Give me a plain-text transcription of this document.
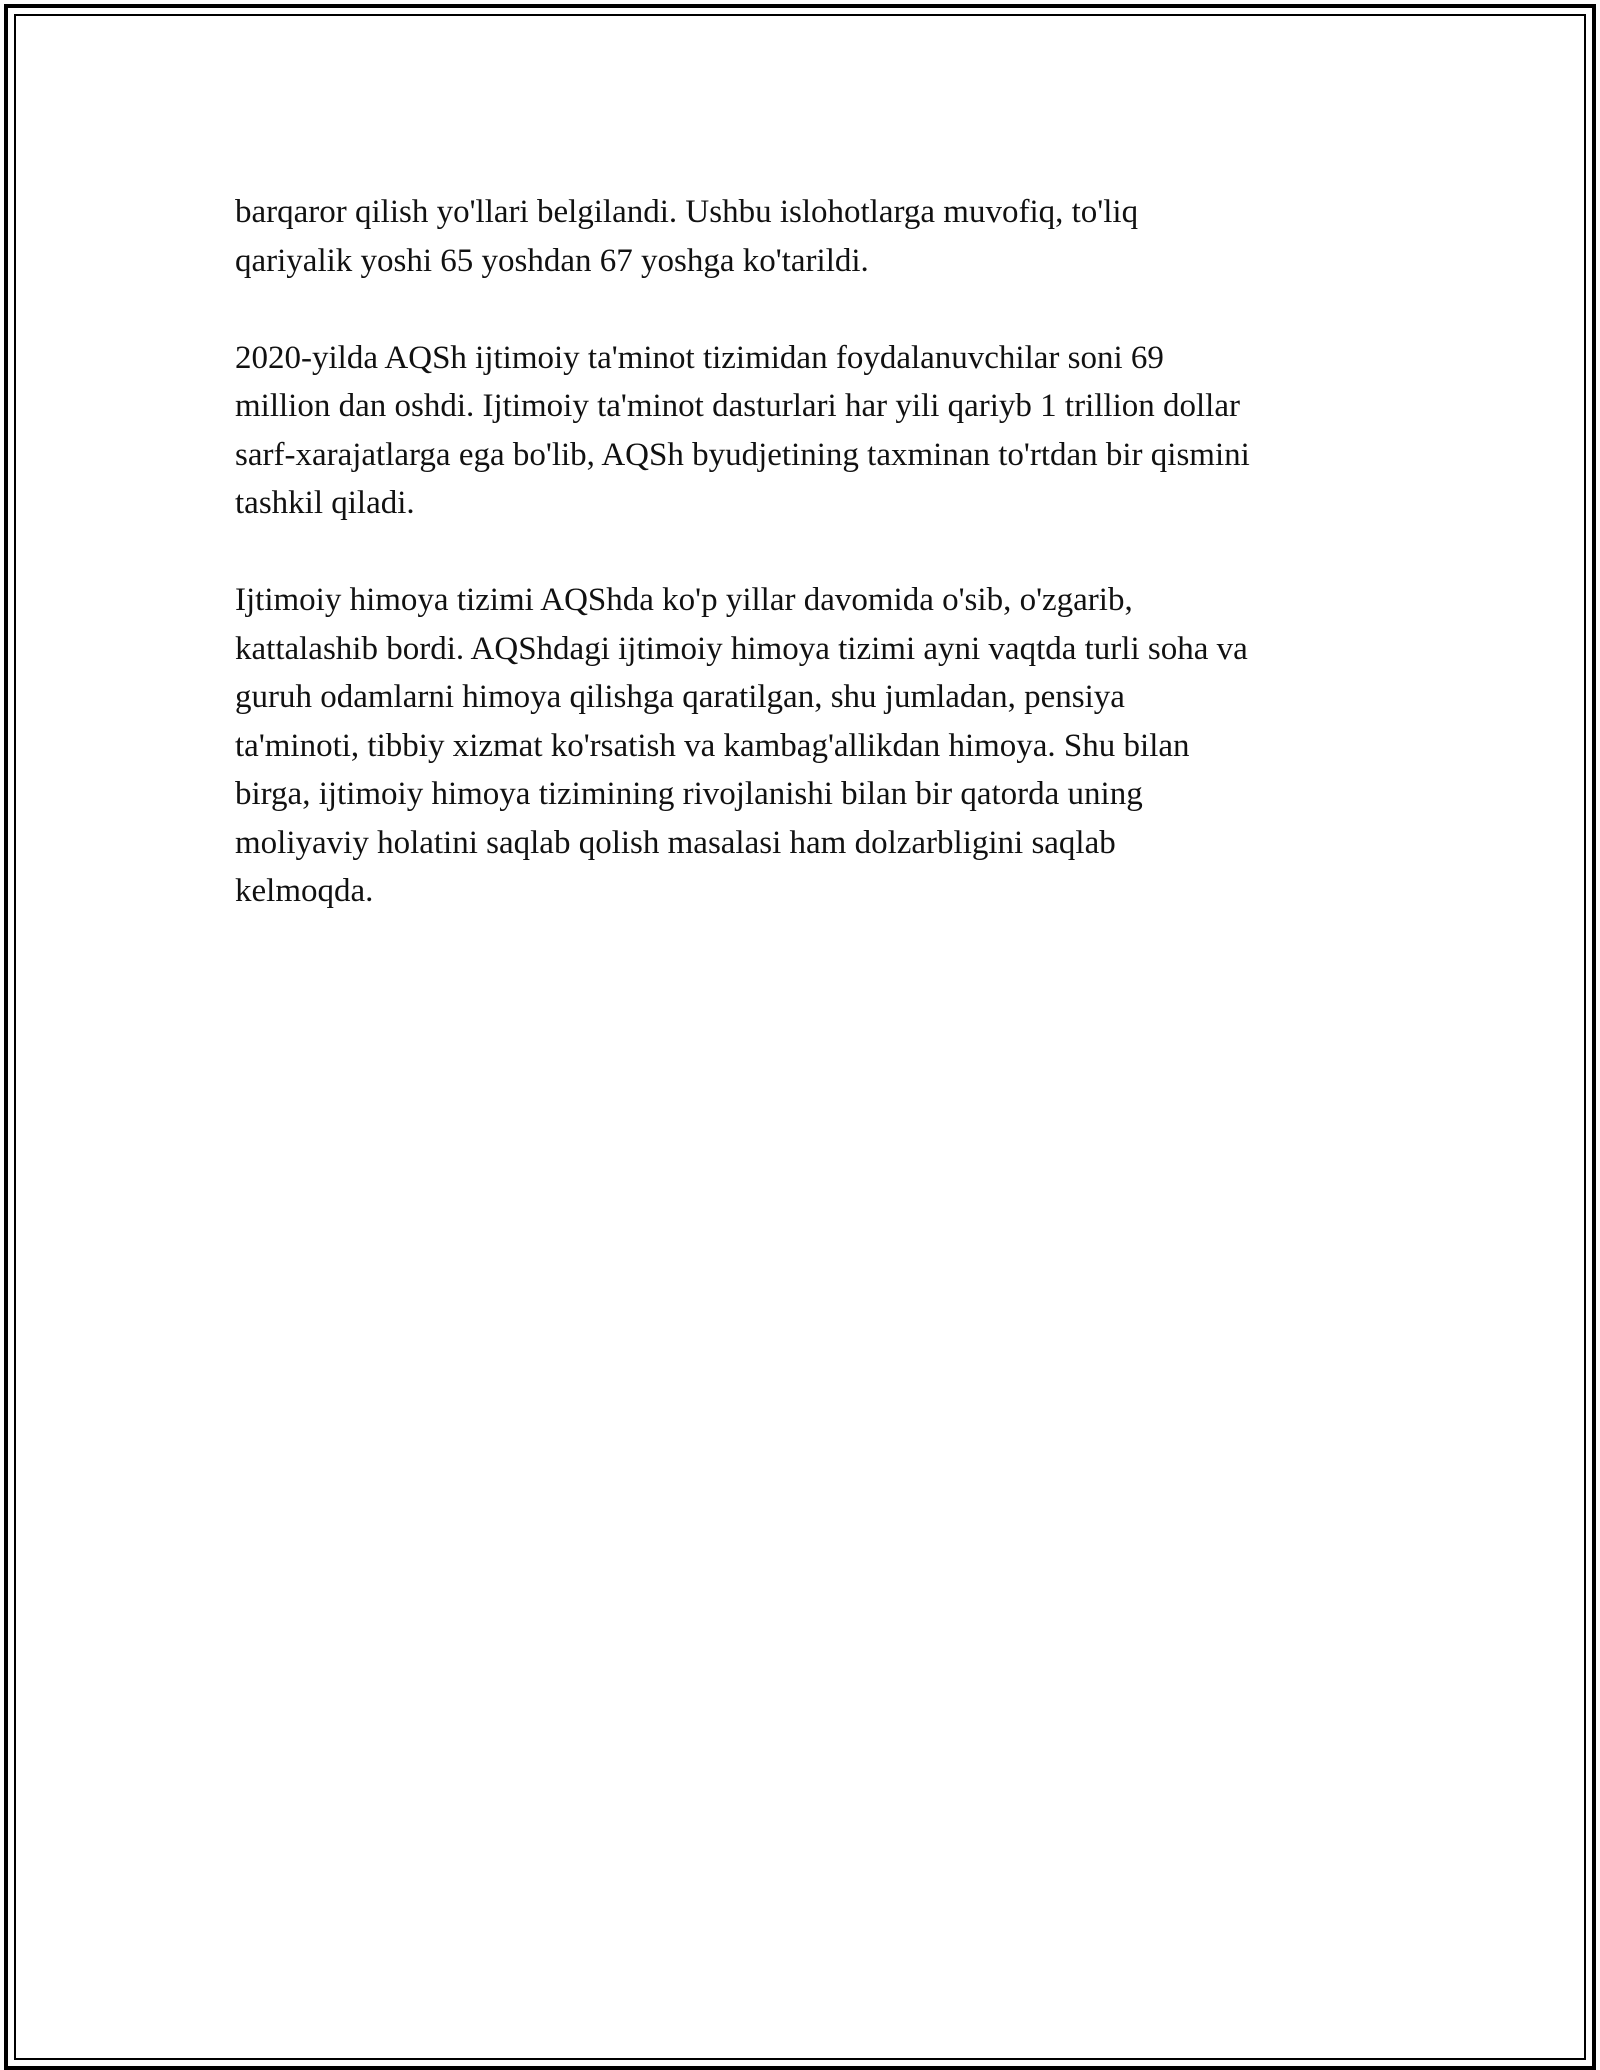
barqaror qilish yo'llari belgilandi. Ushbu islohotlarga muvofiq, to'liq
qariyalik yoshi 65 yoshdan 67 yoshga ko'tarildi.

2020-yilda AQSh ijtimoiy ta'minot tizimidan foydalanuvchilar soni 69
million dan oshdi. Ijtimoiy ta'minot dasturlari har yili qariyb 1 trillion dollar
sarf-xarajatlarga ega bo'lib, AQSh byudjetining taxminan to'rtdan bir qismini
tashkil qiladi.

Ijtimoiy himoya tizimi AQShda ko'p yillar davomida o'sib, o'zgarib,
kattalashib bordi. AQShdagi ijtimoiy himoya tizimi ayni vaqtda turli soha va
guruh odamlarni himoya qilishga qaratilgan, shu jumladan, pensiya
ta'minoti, tibbiy xizmat ko'rsatish va kambag'allikdan himoya. Shu bilan
birga, ijtimoiy himoya tizimining rivojlanishi bilan bir qatorda uning
moliyaviy holatini saqlab qolish masalasi ham dolzarbligini saqlab
kelmoqda.
